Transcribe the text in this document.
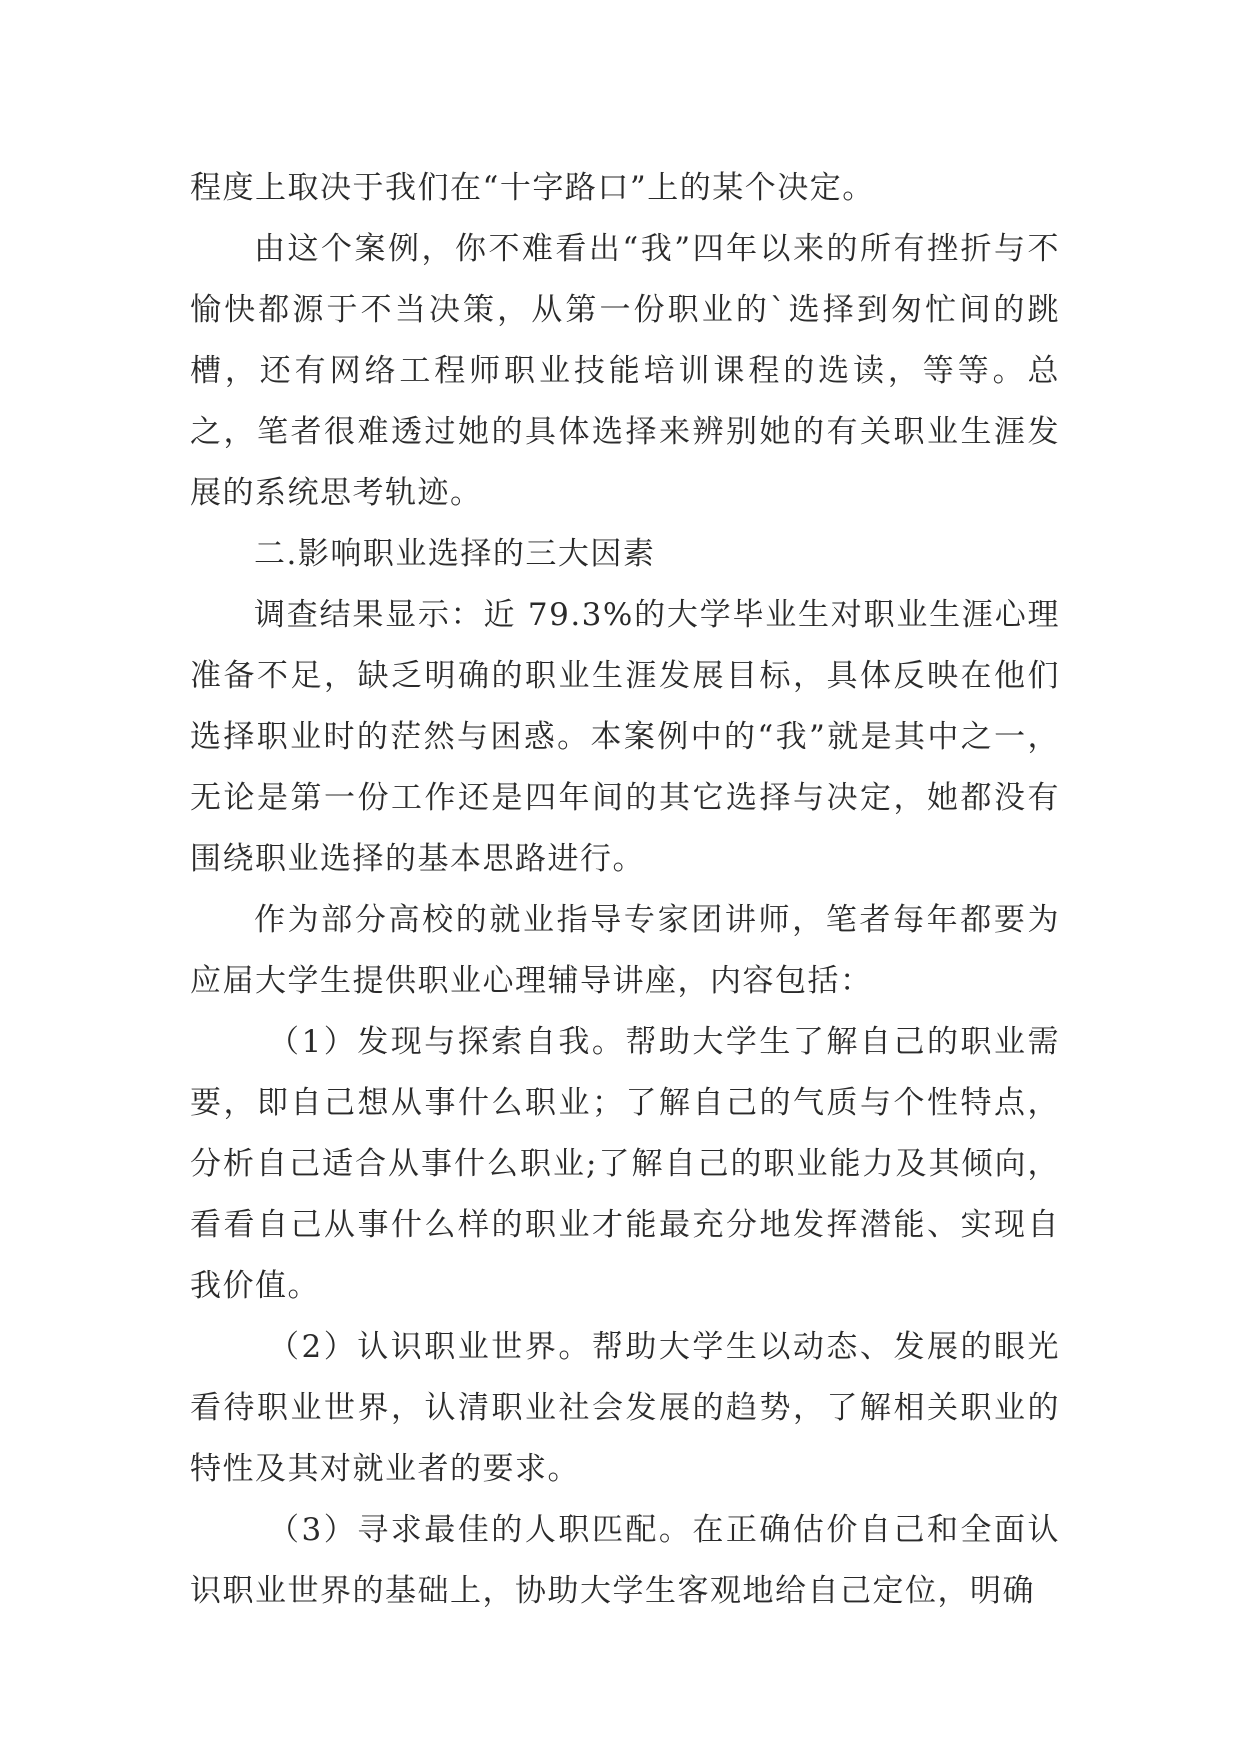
程度上取决于我们在“十字路口”上的某个决定。

由这个案例，你不难看出“我”四年以来的所有挫折与不愉快都源于不当决策，从第一份职业的`选择到匆忙间的跳槽，还有网络工程师职业技能培训课程的选读，等等。总之，笔者很难透过她的具体选择来辨别她的有关职业生涯发展的系统思考轨迹。

二.影响职业选择的三大因素

调查结果显示：近 79.3%的大学毕业生对职业生涯心理准备不足，缺乏明确的职业生涯发展目标，具体反映在他们选择职业时的茫然与困惑。本案例中的“我”就是其中之一，无论是第一份工作还是四年间的其它选择与决定，她都没有围绕职业选择的基本思路进行。

作为部分高校的就业指导专家团讲师，笔者每年都要为应届大学生提供职业心理辅导讲座，内容包括：

（1）发现与探索自我。帮助大学生了解自己的职业需要，即自己想从事什么职业；了解自己的气质与个性特点，分析自己适合从事什么职业;了解自己的职业能力及其倾向，看看自己从事什么样的职业才能最充分地发挥潜能、实现自我价值。

（2）认识职业世界。帮助大学生以动态、发展的眼光看待职业世界，认清职业社会发展的趋势，了解相关职业的特性及其对就业者的要求。

（3）寻求最佳的人职匹配。在正确估价自己和全面认识职业世界的基础上，协助大学生客观地给自己定位，明确
